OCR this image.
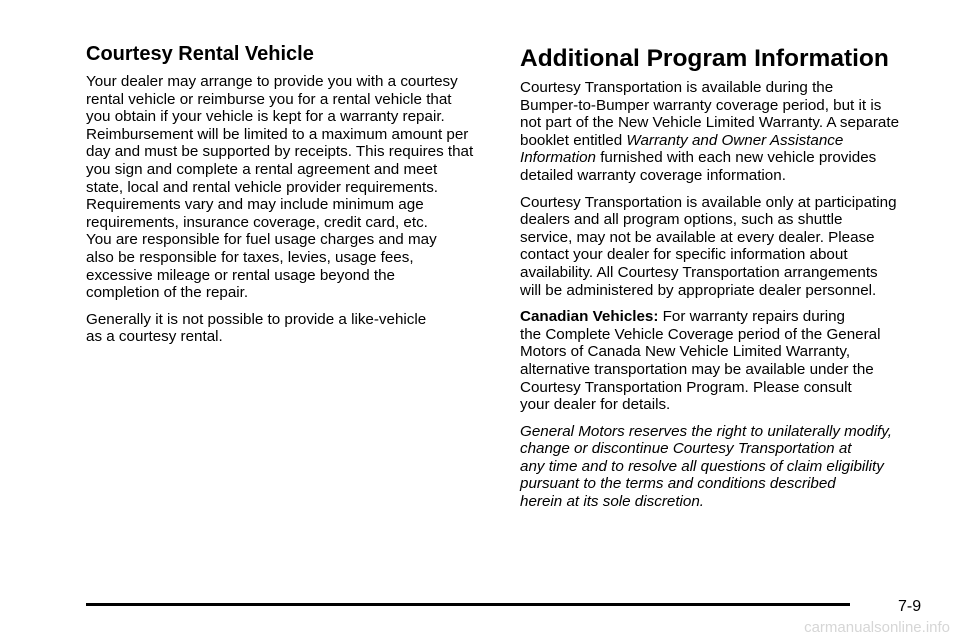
Courtesy Rental Vehicle

Your dealer may arrange to provide you with a courtesy
rental vehicle or reimburse you for a rental vehicle that
you obtain if your vehicle is kept for a warranty repair.
Reimbursement will be limited to a maximum amount per
day and must be supported by receipts. This requires that
you sign and complete a rental agreement and meet
state, local and rental vehicle provider requirements.
Requirements vary and may include minimum age
requirements, insurance coverage, credit card, etc.
You are responsible for fuel usage charges and may
also be responsible for taxes, levies, usage fees,
excessive mileage or rental usage beyond the
completion of the repair.

Generally it is not possible to provide a like-vehicle
as a courtesy rental.

Additional Program Information

Courtesy Transportation is available during the
Bumper-to-Bumper warranty coverage period, but it is
not part of the New Vehicle Limited Warranty. A separate
booklet entitled Warranty and Owner Assistance
Information furnished with each new vehicle provides
detailed warranty coverage information.

Courtesy Transportation is available only at participating
dealers and all program options, such as shuttle
service, may not be available at every dealer. Please
contact your dealer for specific information about
availability. All Courtesy Transportation arrangements
will be administered by appropriate dealer personnel.

Canadian Vehicles: For warranty repairs during
the Complete Vehicle Coverage period of the General
Motors of Canada New Vehicle Limited Warranty,
alternative transportation may be available under the
Courtesy Transportation Program. Please consult
your dealer for details.

General Motors reserves the right to unilaterally modify,
change or discontinue Courtesy Transportation at
any time and to resolve all questions of claim eligibility
pursuant to the terms and conditions described
herein at its sole discretion.

7-9
carmanualsonline.info
